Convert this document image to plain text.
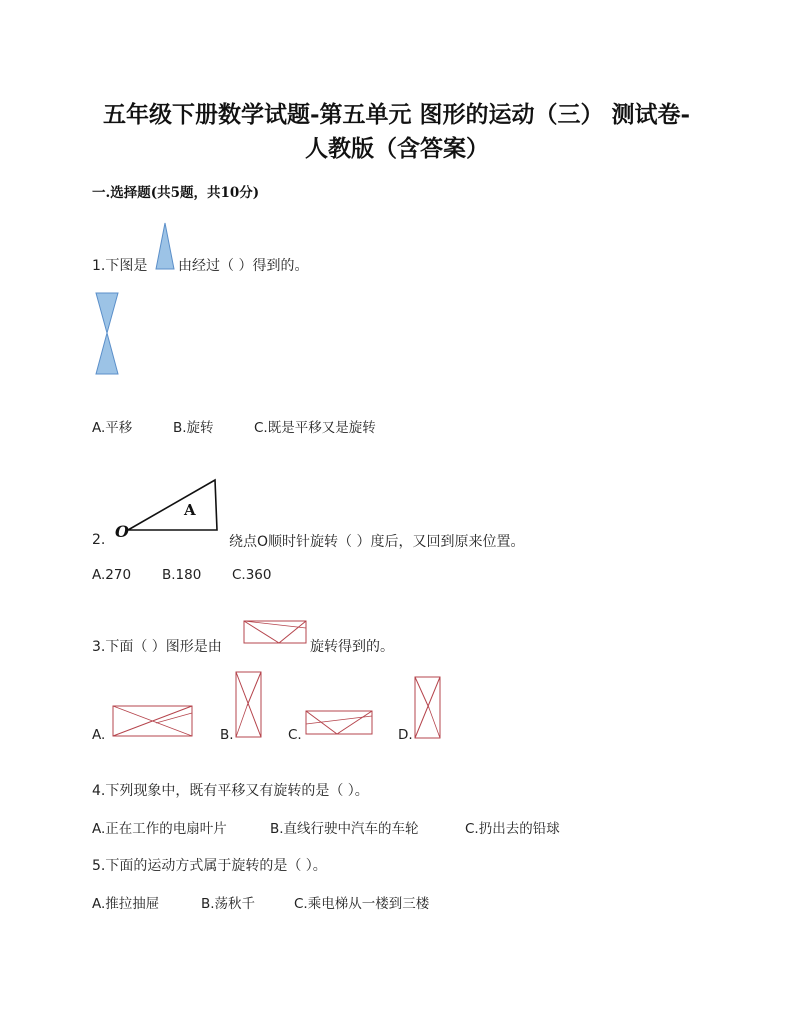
五年级下册数学试题-第五单元 图形的运动（三） 测试卷-
人教版（含答案）
一.选择题(共5题，共10分)
1.下图是 由经过（ ）得到的。
A.平移	B.旋转	C.既是平移又是旋转
2. O
A
绕点O顺时针旋转（ ）度后，又回到原来位置。
A.270 B.180 C.360
3.下面（ ）图形是由	旋转得到的。
A.	B.	C.	D.
4.下列现象中，既有平移又有旋转的是（ ）。
A.正在工作的电扇叶片	B.直线行驶中汽车的车轮	C.扔出去的铅球
5.下面的运动方式属于旋转的是（ ）。
A.推拉抽屉	B.荡秋千	C.乘电梯从一楼到三楼
